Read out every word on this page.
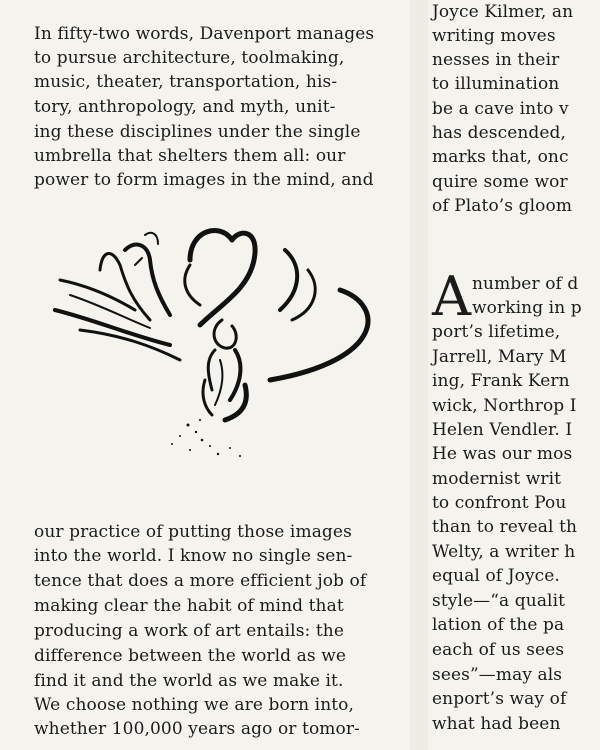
In fifty-two words, Davenport manages
to pursue architecture, toolmaking,
music, theater, transportation, his-
tory, anthropology, and myth, unit-
ing these disciplines under the single
umbrella that shelters them all: our
power to form images in the mind, and
our practice of putting those images
into the world. I know no single sen-
tence that does a more efficient job of
making clear the habit of mind that
producing a work of art entails: the
difference between the world as we
find it and the world as we make it.
We choose nothing we are born into,
whether 100,000 years ago or tomor-
Joyce Kilmer, an
writing moves
nesses in their
to illumination
be a cave into v
has descended,
marks that, onc
quire some wor
of Plato’s gloom
A number of d
working in p
port’s lifetime,
Jarrell, Mary M
ing, Frank Kern
wick, Northrop I
Helen Vendler. I
He was our mos
modernist writ
to confront Pou
than to reveal th
Welty, a writer h
equal of Joyce.
style—“a qualit
lation of the pa
each of us sees
sees”—may als
enport’s way of
what had been
